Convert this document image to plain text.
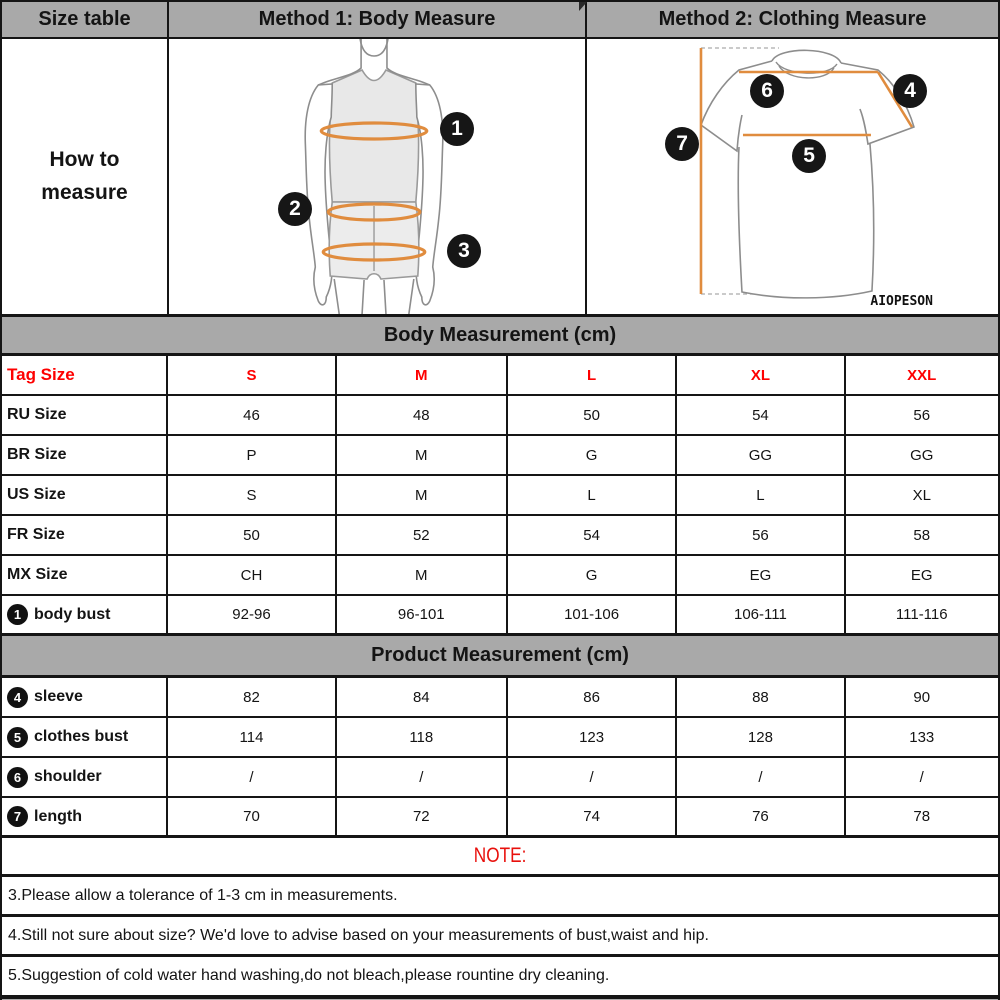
Size table	Method 1: Body Measure	Method 2: Clothing Measure
How to measure
1
2
3
AIOPESON
4
5
6
7
Body Measurement (cm)
Tag Size	S	M	L	XL	XXL
RU Size	46	48	50	54	56
BR Size	P	M	G	GG	GG
US Size	S	M	L	L	XL
FR Size	50	52	54	56	58
MX Size	CH	M	G	EG	EG
1 body bust	92-96	96-101	101-106	106-111	111-116
Product Measurement (cm)
4 sleeve	82	84	86	88	90
5 clothes bust	114	118	123	128	133
6 shoulder	/	/	/	/	/
7 length	70	72	74	76	78
NOTE:
3.Please allow a tolerance of 1-3 cm in measurements.
4.Still not sure about size? We'd love to advise based on your measurements of bust,waist and hip.
5.Suggestion of cold water hand washing,do not bleach,please rountine dry cleaning.
